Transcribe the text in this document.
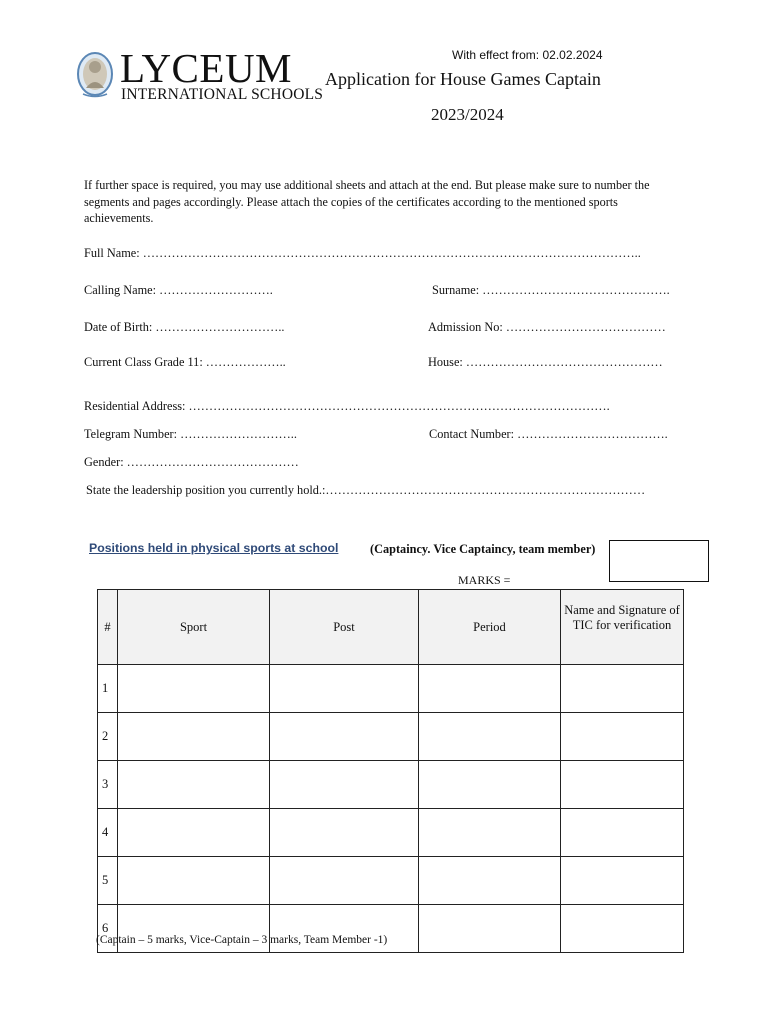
With effect from: 02.02.2024
LYCEUM
INTERNATIONAL SCHOOLS
Application for House Games Captain
2023/2024
If further space is required, you may use additional sheets and attach at the end. But please make sure to number the segments and pages accordingly. Please attach the copies of the certificates according to the mentioned sports achievements.
Full Name: …………………………………………………………………………………………………………..
Calling Name: ……………………….	Surname: ……………………………………….
Date of Birth: …………………………..	Admission No: …………………………………
Current Class Grade 11: ………………..	House: …………………………………………
Residential Address: ………………………………………………………………………………………….
Telegram Number: ………………………..	Contact Number: ……………………………….
Gender: ……………………………………
State the leadership position you currently hold.:……………………………………………………………………
Positions held in physical sports at school	(Captaincy. Vice Captaincy, team member)
MARKS =
#	Sport	Post	Period	Name and Signature of TIC for verification
1				
2				
3				
4				
5				
6				
(Captain – 5 marks, Vice-Captain – 3 marks, Team Member -1)
